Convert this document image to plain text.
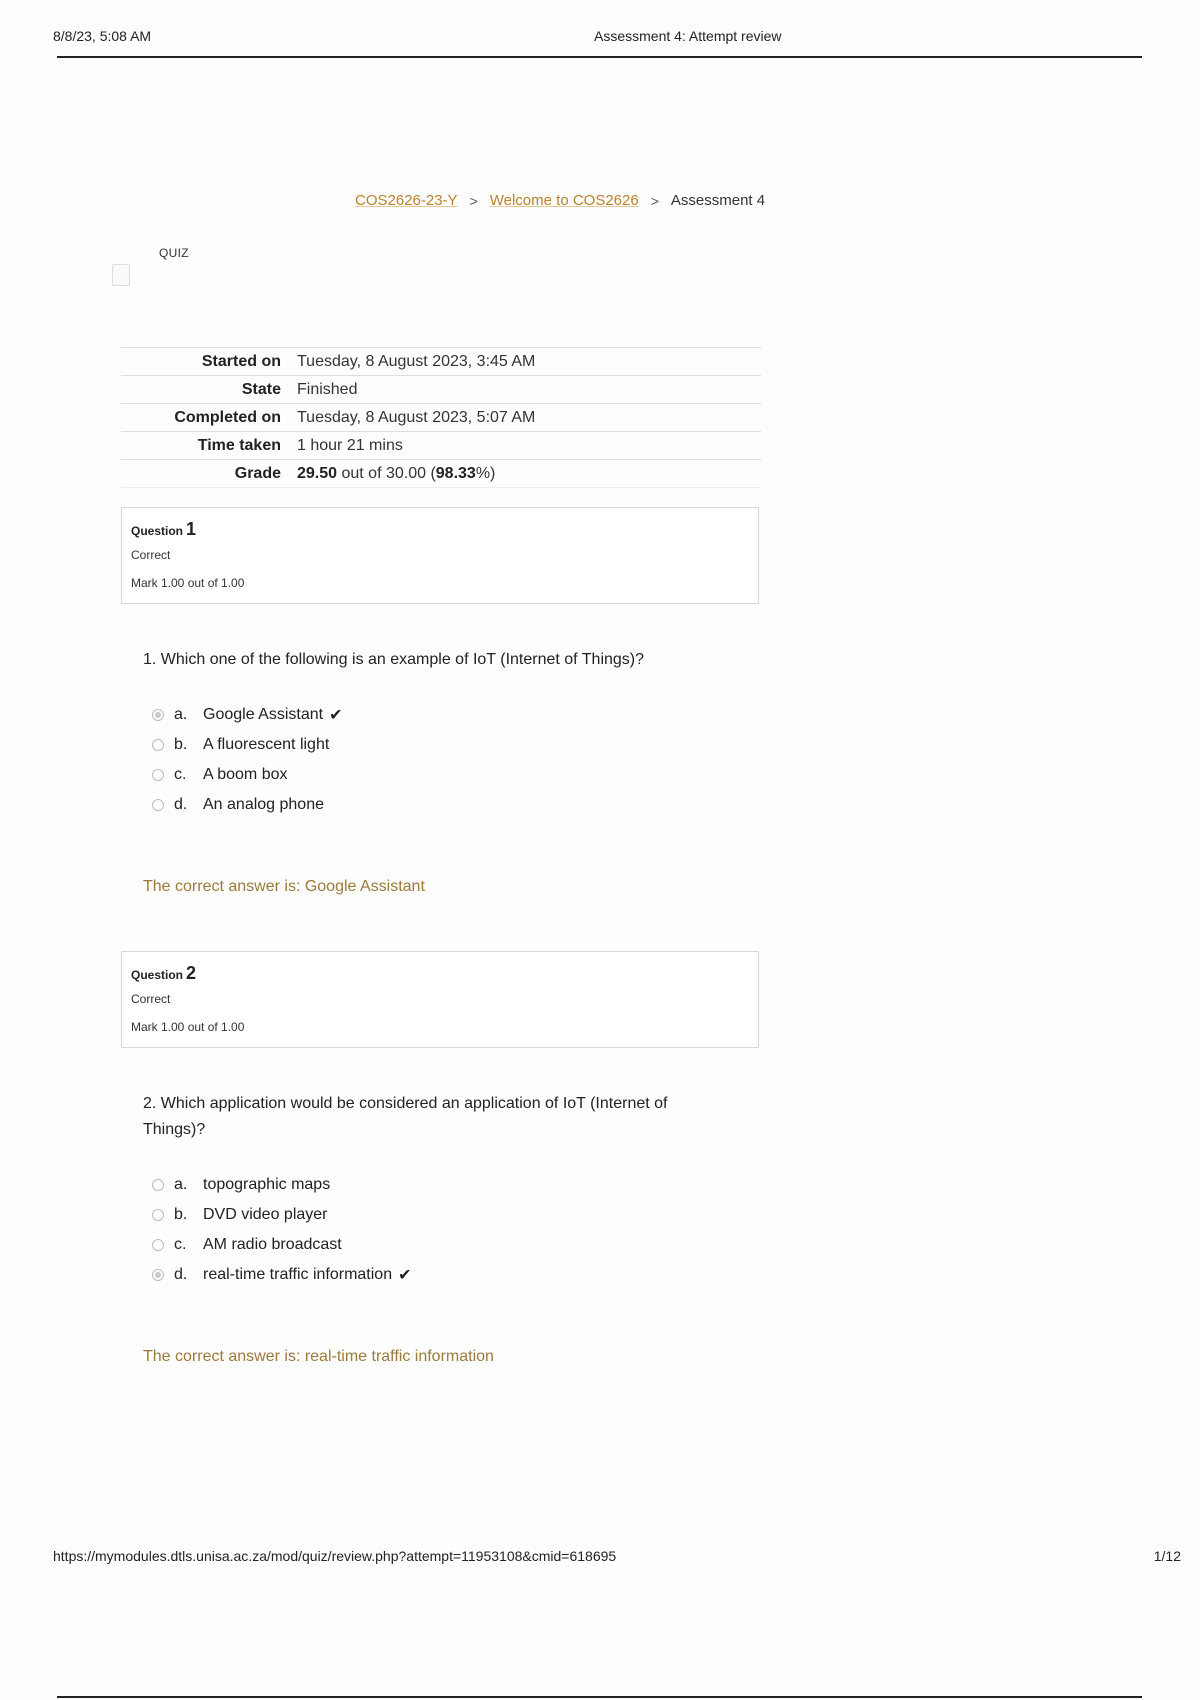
8/8/23, 5:08 AM	Assessment 4: Attempt review
COS2626-23-Y > Welcome to COS2626 > Assessment 4
QUIZ
Started on	Tuesday, 8 August 2023, 3:45 AM
State	Finished
Completed on	Tuesday, 8 August 2023, 5:07 AM
Time taken	1 hour 21 mins
Grade	29.50 out of 30.00 (98.33%)
Question 1
Correct
Mark 1.00 out of 1.00
1. Which one of the following is an example of IoT (Internet of Things)?
a. Google Assistant ✔
b. A fluorescent light
c.	A boom box
d. An analog phone
The correct answer is: Google Assistant
Question 2
Correct
Mark 1.00 out of 1.00
2. Which application would be considered an application of IoT (Internet of Things)?
a. topographic maps
b. DVD video player
c.	AM radio broadcast
d. real-time traffic information ✔
The correct answer is: real-time traffic information
https://mymodules.dtls.unisa.ac.za/mod/quiz/review.php?attempt=11953108&cmid=618695	1/12
